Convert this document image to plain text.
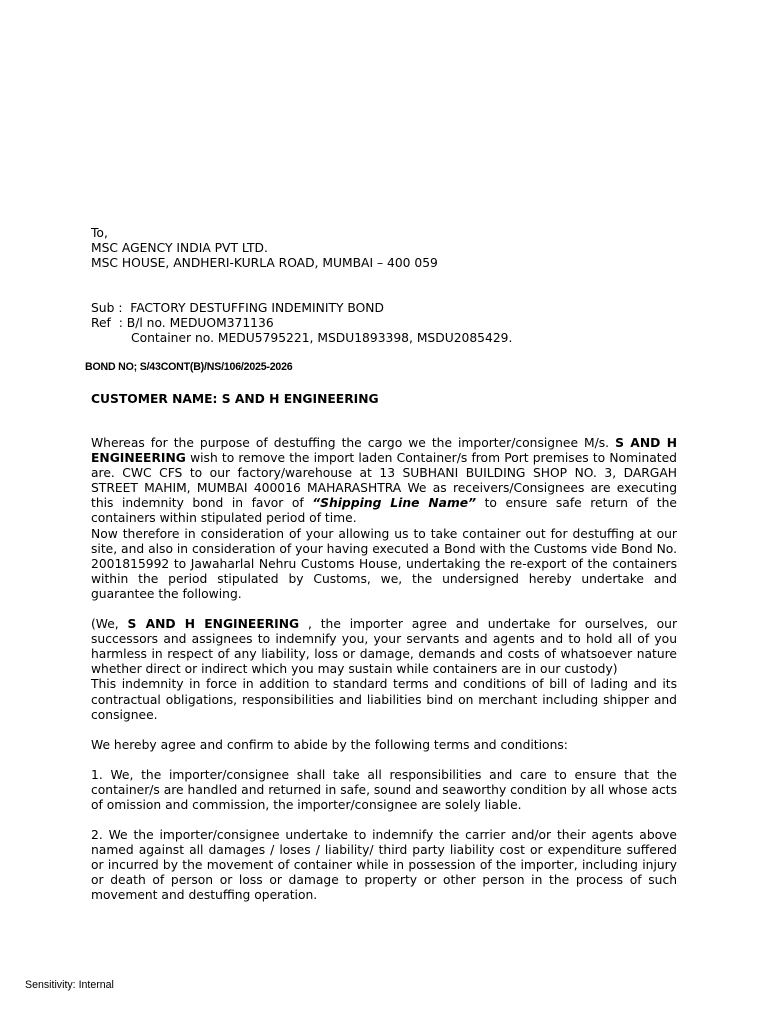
To,
MSC AGENCY INDIA PVT LTD.
MSC HOUSE, ANDHERI-KURLA ROAD, MUMBAI – 400 059
Sub :  FACTORY DESTUFFING INDEMINITY BOND
Ref  : B/l no. MEDUOM371136
Container no. MEDU5795221, MSDU1893398, MSDU2085429.
BOND NO; S/43CONT(B)/NS/106/2025-2026
CUSTOMER NAME: S AND H ENGINEERING

Whereas for the purpose of destuffing the cargo we the importer/consignee M/s. S AND H ENGINEERING wish to remove the import laden Container/s from Port premises to Nominated are. CWC CFS to our factory/warehouse at 13 SUBHANI BUILDING SHOP NO. 3, DARGAH STREET MAHIM, MUMBAI 400016 MAHARASHTRA We as receivers/Consignees are executing this indemnity bond in favor of “Shipping Line Name” to ensure safe return of the containers within stipulated period of time.

Now therefore in consideration of your allowing us to take container out for destuffing at our site, and also in consideration of your having executed a Bond with the Customs vide Bond No. 2001815992 to Jawaharlal Nehru Customs House, undertaking the re-export of the containers within the period stipulated by Customs, we, the undersigned hereby undertake and guarantee the following.

(We, S AND H ENGINEERING , the importer agree and undertake for ourselves, our successors and assignees to indemnify you, your servants and agents and to hold all of you harmless in respect of any liability, loss or damage, demands and costs of whatsoever nature whether direct or indirect which you may sustain while containers are in our custody)

This indemnity in force in addition to standard terms and conditions of bill of lading and its contractual obligations, responsibilities and liabilities bind on merchant including shipper and consignee.

We hereby agree and confirm to abide by the following terms and conditions:

1. We, the importer/consignee shall take all responsibilities and care to ensure that the container/s are handled and returned in safe, sound and seaworthy condition by all whose acts of omission and commission, the importer/consignee are solely liable.

2. We the importer/consignee undertake to indemnify the carrier and/or their agents above named against all damages / loses / liability/ third party liability cost or expenditure suffered or incurred by the movement of container while in possession of the importer, including injury or death of person or loss or damage to property or other person in the process of such movement and destuffing operation.

Sensitivity: Internal
